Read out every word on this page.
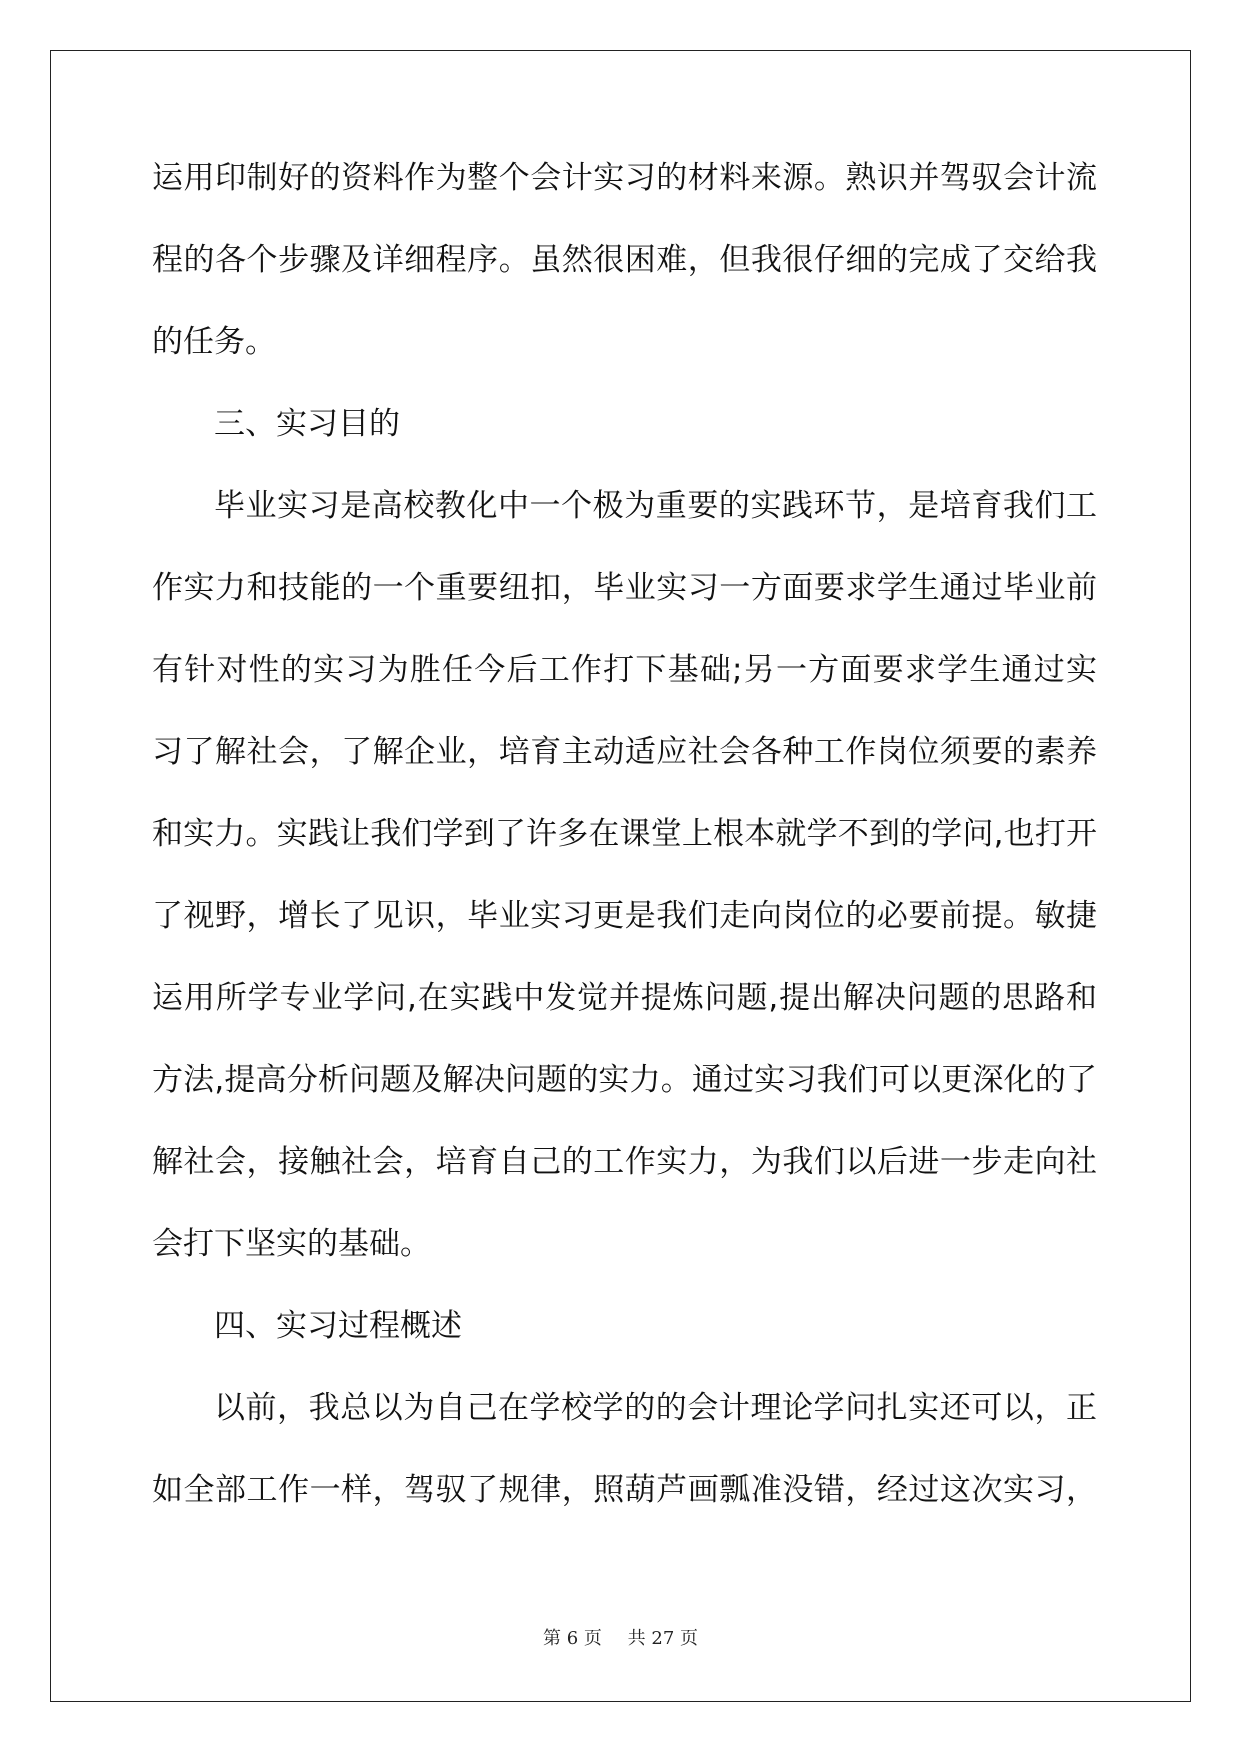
运用印制好的资料作为整个会计实习的材料来源。熟识并驾驭会计流
程的各个步骤及详细程序。虽然很困难，但我很仔细的完成了交给我
的任务。
三、实习目的
毕业实习是高校教化中一个极为重要的实践环节，是培育我们工
作实力和技能的一个重要纽扣，毕业实习一方面要求学生通过毕业前
有针对性的实习为胜任今后工作打下基础;另一方面要求学生通过实
习了解社会，了解企业，培育主动适应社会各种工作岗位须要的素养
和实力。实践让我们学到了许多在课堂上根本就学不到的学问,也打开
了视野，增长了见识，毕业实习更是我们走向岗位的必要前提。敏捷
运用所学专业学问,在实践中发觉并提炼问题,提出解决问题的思路和
方法,提高分析问题及解决问题的实力。通过实习我们可以更深化的了
解社会，接触社会，培育自己的工作实力，为我们以后进一步走向社
会打下坚实的基础。
四、实习过程概述
以前，我总以为自己在学校学的的会计理论学问扎实还可以，正
如全部工作一样，驾驭了规律，照葫芦画瓢准没错，经过这次实习，
第 6 页 共 27 页
